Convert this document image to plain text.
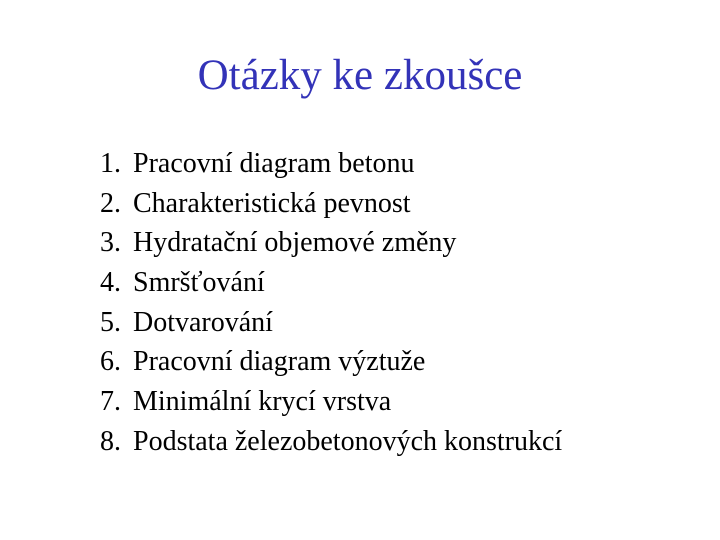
Otázky ke zkoušce
1. Pracovní diagram betonu
2. Charakteristická pevnost
3. Hydratační objemové změny
4. Smršťování
5. Dotvarování
6. Pracovní diagram výztuže
7. Minimální krycí vrstva
8. Podstata železobetonových konstrukcí
